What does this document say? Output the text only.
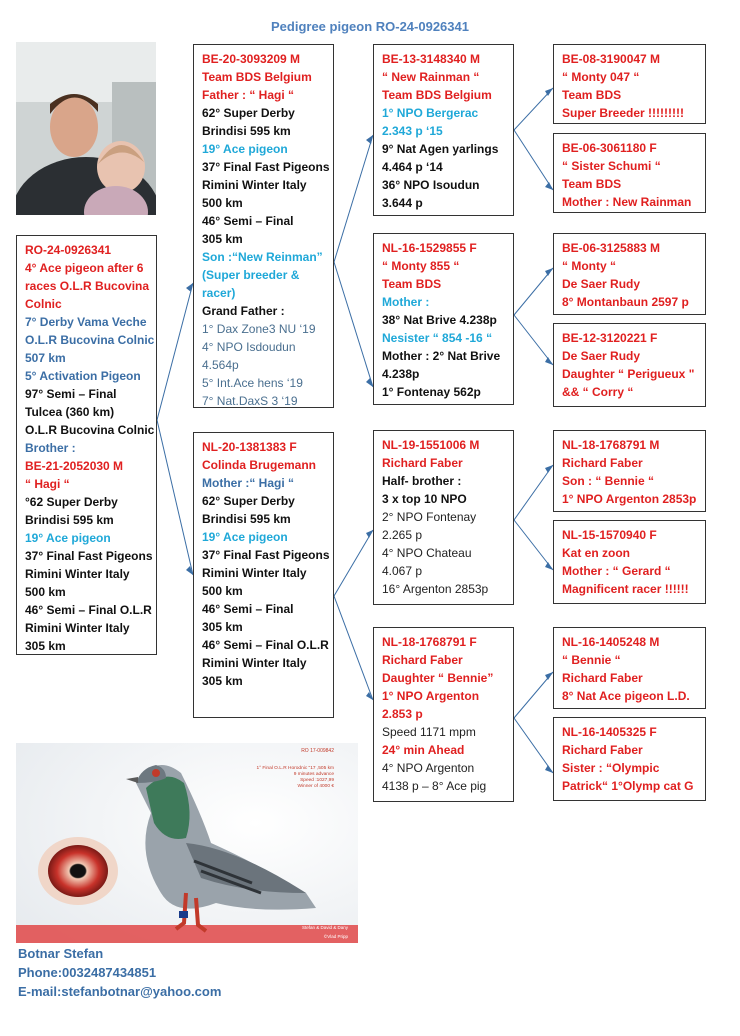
Pedigree pigeon RO-24-0926341
RO-24-0926341
4° Ace pigeon after 6
races O.L.R Bucovina
Colnic
7° Derby Vama Veche
O.L.R Bucovina Colnic
507 km
5° Activation Pigeon
97° Semi – Final
Tulcea (360 km)
O.L.R Bucovina Colnic
Brother :
BE-21-2052030 M
“ Hagi “
°62 Super Derby
Brindisi 595 km
19° Ace pigeon
37° Final Fast Pigeons
Rimini Winter Italy
500 km
46° Semi – Final O.L.R
Rimini Winter Italy
305 km
BE-20-3093209 M
Team BDS Belgium
Father : “ Hagi “
62° Super Derby
Brindisi 595 km
19° Ace pigeon
37° Final Fast Pigeons
Rimini Winter Italy
500 km
46° Semi – Final
305 km
Son :“New Reinman”
(Super breeder &
racer)
Grand Father :
1° Dax Zone3 NU ‘19
4° NPO Isdoudun
4.564p
5° Int.Ace hens ‘19
7° Nat.DaxS 3 ‘19
NL-20-1381383 F
Colinda Brugemann
Mother :“ Hagi “
62° Super Derby
Brindisi 595 km
19° Ace pigeon
37° Final Fast Pigeons
Rimini Winter Italy
500 km
46° Semi – Final
305 km
46° Semi – Final O.L.R
Rimini Winter Italy
305 km
BE-13-3148340 M
“ New Rainman “
Team BDS Belgium
1° NPO Bergerac
2.343 p ‘15
9° Nat Agen yarlings
4.464 p ‘14
36° NPO Isoudun
3.644 p
NL-16-1529855 F
“ Monty 855 “
Team BDS
Mother :
38° Nat Brive 4.238p
Nesister “ 854 -16 “
Mother : 2° Nat Brive
4.238p
1° Fontenay 562p
NL-19-1551006 M
Richard Faber
Half- brother :
3 x top 10 NPO
2° NPO Fontenay
2.265 p
4° NPO Chateau
4.067 p
16° Argenton 2853p
NL-18-1768791 F
Richard Faber
Daughter “ Bennie”
1° NPO Argenton
2.853 p
Speed 1171 mpm
24° min Ahead
4° NPO Argenton
4138 p – 8° Ace pig
BE-08-3190047 M
“ Monty 047 “
Team BDS
Super Breeder !!!!!!!!!
BE-06-3061180 F
“ Sister Schumi “
Team BDS
Mother : New Rainman
BE-06-3125883 M
“ Monty “
De Saer Rudy
8° Montanbaun 2597 p
BE-12-3120221 F
De Saer Rudy
Daughter “ Perigueux "
&& “ Corry “
NL-18-1768791 M
Richard Faber
Son : “ Bennie “
1° NPO Argenton 2853p
NL-15-1570940 F
Kat en zoon
Mother : “ Gerard “
Magnificent racer !!!!!!
NL-16-1405248 M
“ Bennie “
Richard Faber
8° Nat Ace pigeon L.D.
NL-16-1405325 F
Richard Faber
Sister : “Olympic
Patrick“ 1°Olymp cat G
RO 17-009842
1° Final O.L.R Horodnic "17 ,505 km
9 minutes advance
Speed :1027,99
Winner of 4000 €
Stefan & David & Dany
©Vlad Pripp
Botnar Stefan
Phone:0032487434851
E-mail:stefanbotnar@yahoo.com
